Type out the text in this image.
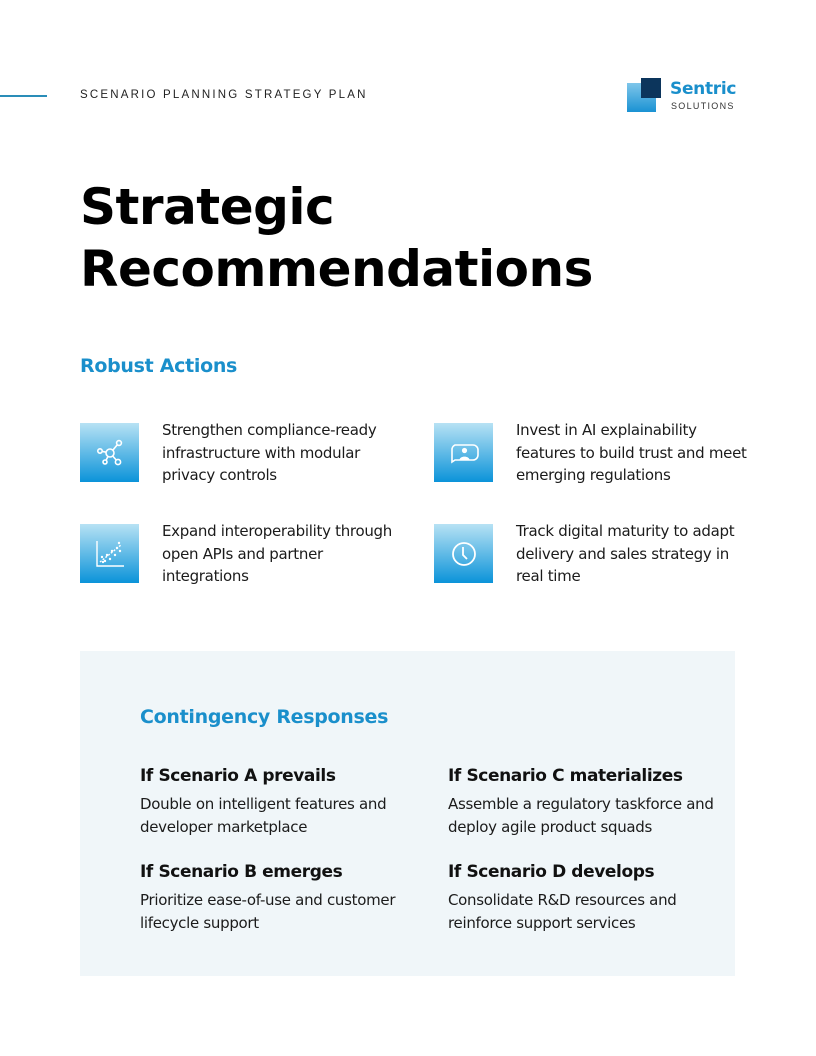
SCENARIO PLANNING STRATEGY PLAN	Sentric
SOLUTIONS
Strategic
Recommendations
Robust Actions
Strengthen compliance-ready infrastructure with modular privacy controls
Invest in AI explainability features to build trust and meet emerging regulations
Expand interoperability through open APIs and partner integrations
Track digital maturity to adapt delivery and sales strategy in real time
Contingency Responses
If Scenario A prevails
Double on intelligent features and developer marketplace
If Scenario C materializes
Assemble a regulatory taskforce and deploy agile product squads
If Scenario B emerges
Prioritize ease-of-use and customer lifecycle support
If Scenario D develops
Consolidate R&D resources and reinforce support services
